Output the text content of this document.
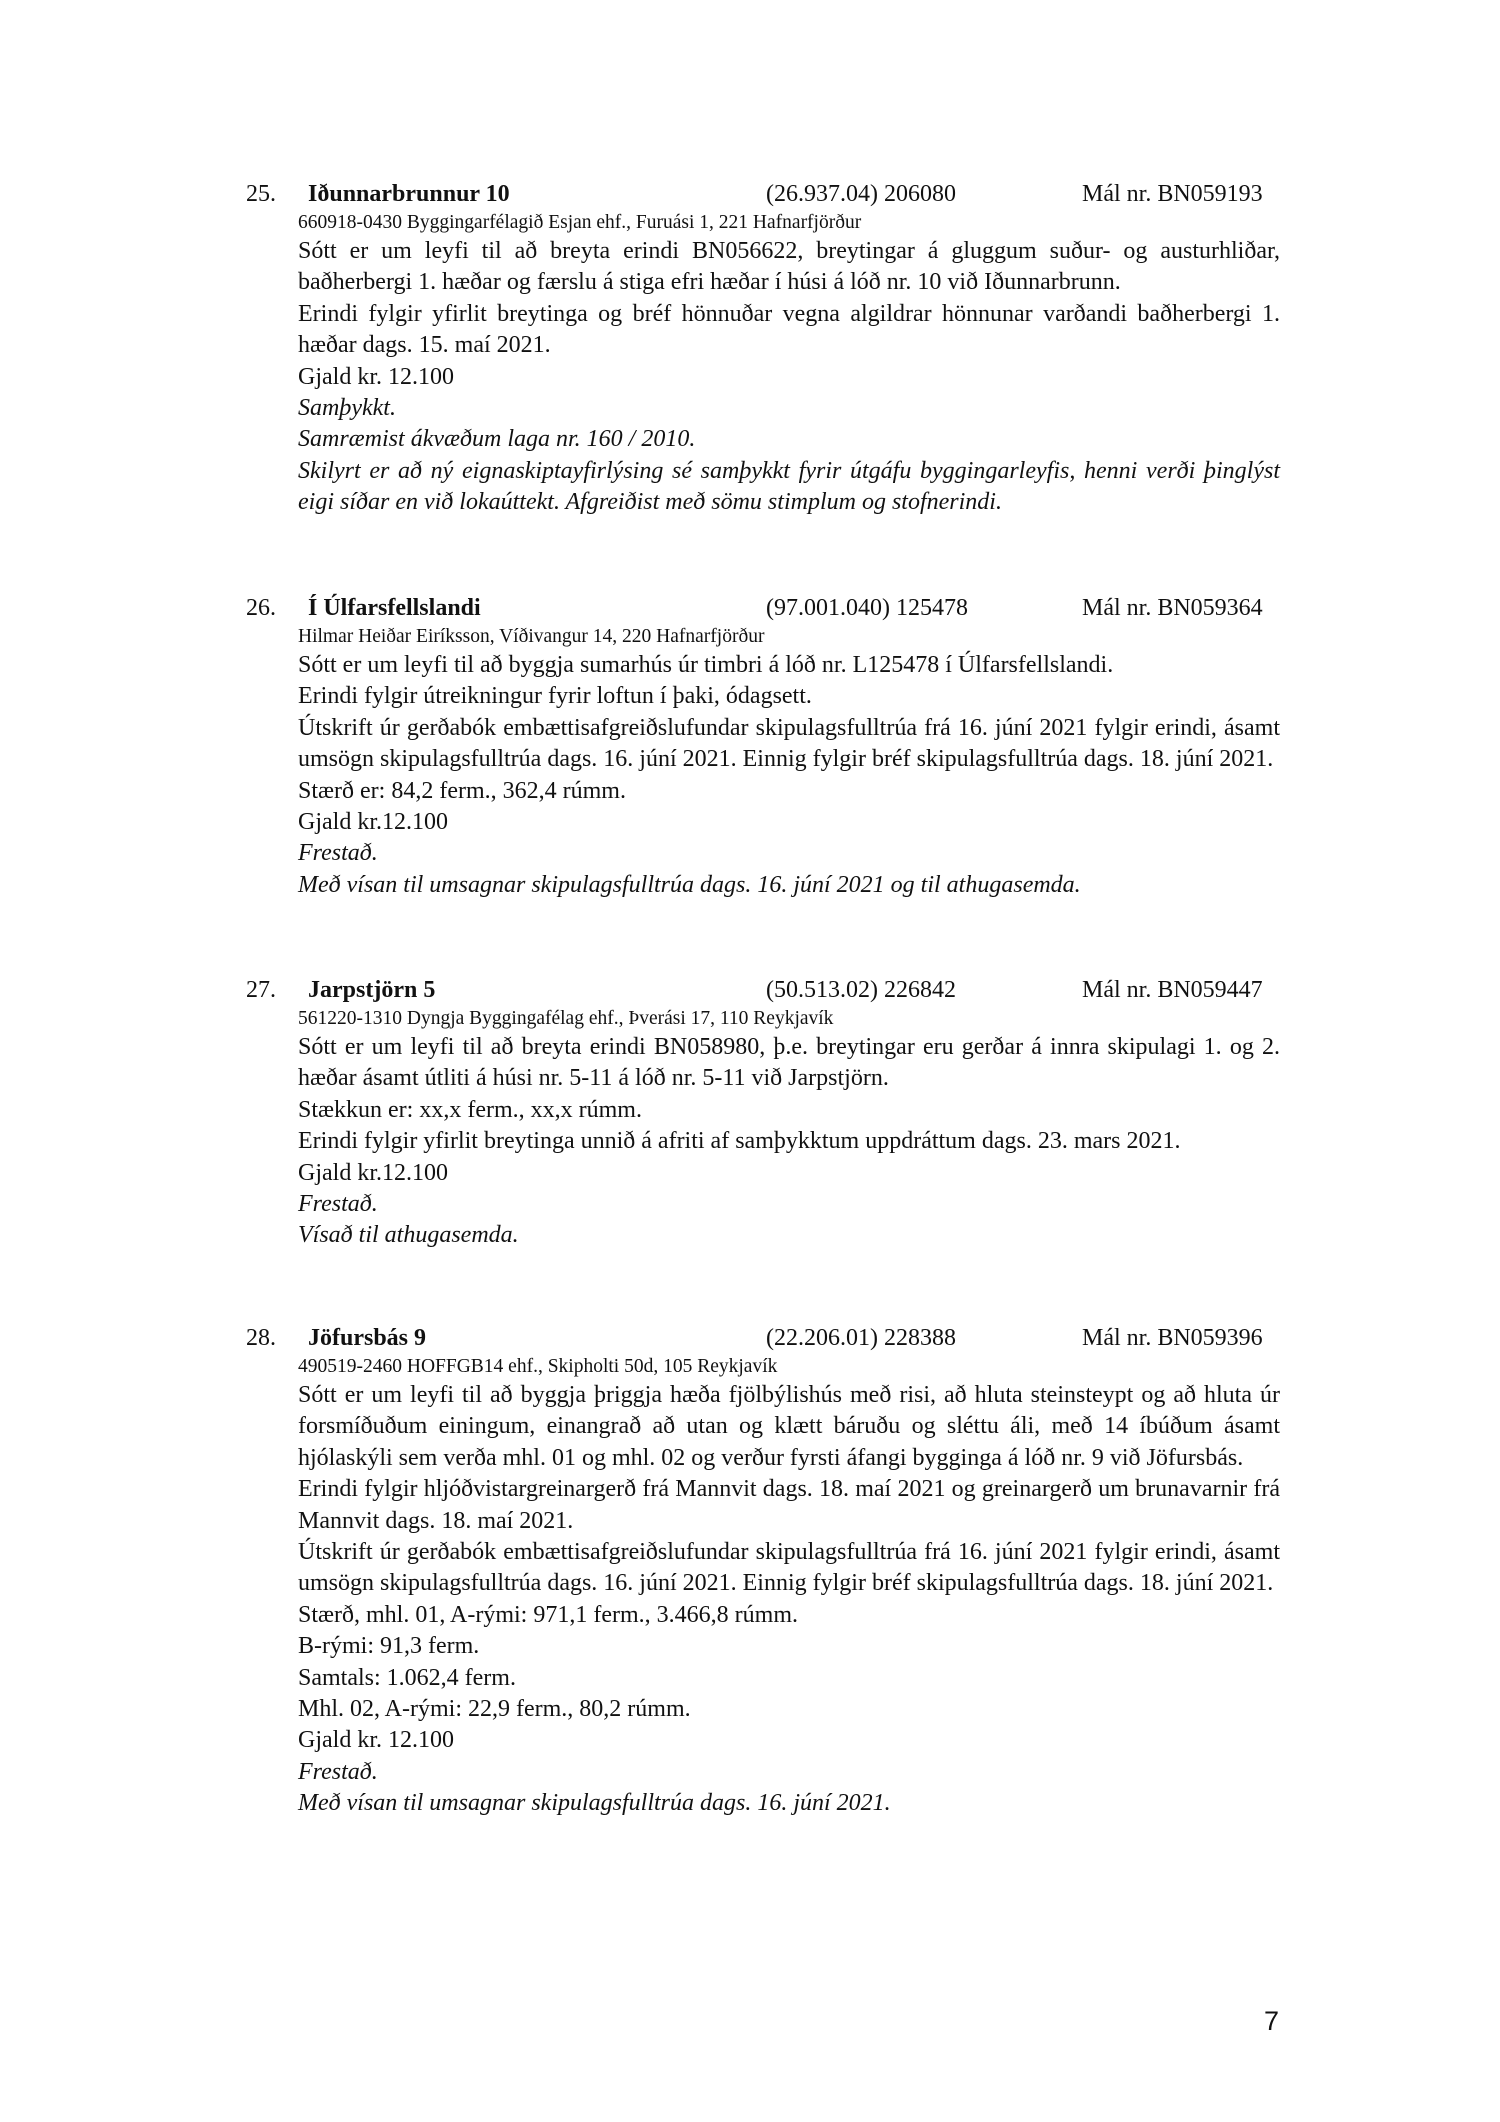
25. Iðunnarbrunnur 10	(26.937.04) 206080	Mál nr. BN059193
660918-0430 Byggingarfélagið Esjan ehf., Furuási 1, 221 Hafnarfjörður

Sótt er um leyfi til að breyta erindi BN056622, breytingar á gluggum suður- og austurhliðar, baðherbergi 1. hæðar og færslu á stiga efri hæðar í húsi á lóð nr. 10 við Iðunnarbrunn.

Erindi fylgir yfirlit breytinga og bréf hönnuðar vegna algildrar hönnunar varðandi baðherbergi 1. hæðar dags. 15. maí 2021.

Gjald kr. 12.100

Samþykkt.

Samræmist ákvæðum laga nr. 160 / 2010.

Skilyrt er að ný eignaskiptayfirlýsing sé samþykkt fyrir útgáfu byggingarleyfis, henni verði þinglýst eigi síðar en við lokaúttekt. Afgreiðist með sömu stimplum og stofnerindi.

26. Í Úlfarsfellslandi	(97.001.040) 125478	Mál nr. BN059364
Hilmar Heiðar Eiríksson, Víðivangur 14, 220 Hafnarfjörður

Sótt er um leyfi til að byggja sumarhús úr timbri á lóð nr. L125478 í Úlfarsfellslandi.

Erindi fylgir útreikningur fyrir loftun í þaki, ódagsett.

Útskrift úr gerðabók embættisafgreiðslufundar skipulagsfulltrúa frá 16. júní 2021 fylgir erindi, ásamt umsögn skipulagsfulltrúa dags. 16. júní 2021. Einnig fylgir bréf skipulagsfulltrúa dags. 18. júní 2021.

Stærð er: 84,2 ferm., 362,4 rúmm.

Gjald kr.12.100

Frestað.

Með vísan til umsagnar skipulagsfulltrúa dags. 16. júní 2021 og til athugasemda.

27. Jarpstjörn 5	(50.513.02) 226842	Mál nr. BN059447
561220-1310 Dyngja Byggingafélag ehf., Þverási 17, 110 Reykjavík

Sótt er um leyfi til að breyta erindi BN058980, þ.e. breytingar eru gerðar á innra skipulagi 1. og 2. hæðar ásamt útliti á húsi nr. 5-11 á lóð nr. 5-11 við Jarpstjörn.

Stækkun er: xx,x ferm., xx,x rúmm.

Erindi fylgir yfirlit breytinga unnið á afriti af samþykktum uppdráttum dags. 23. mars 2021.

Gjald kr.12.100

Frestað.

Vísað til athugasemda.

28. Jöfursbás 9	(22.206.01) 228388	Mál nr. BN059396
490519-2460 HOFFGB14 ehf., Skipholti 50d, 105 Reykjavík

Sótt er um leyfi til að byggja þriggja hæða fjölbýlishús með risi, að hluta steinsteypt og að hluta úr forsmíðuðum einingum, einangrað að utan og klætt báruðu og sléttu áli, með 14 íbúðum ásamt hjólaskýli sem verða mhl. 01 og mhl. 02 og verður fyrsti áfangi bygginga á lóð nr. 9 við Jöfursbás.

Erindi fylgir hljóðvistargreinargerð frá Mannvit dags. 18. maí 2021 og greinargerð um brunavarnir frá Mannvit dags. 18. maí 2021.

Útskrift úr gerðabók embættisafgreiðslufundar skipulagsfulltrúa frá 16. júní 2021 fylgir erindi, ásamt umsögn skipulagsfulltrúa dags. 16. júní 2021. Einnig fylgir bréf skipulagsfulltrúa dags. 18. júní 2021.

Stærð, mhl. 01, A-rými: 971,1 ferm., 3.466,8 rúmm.

B-rými: 91,3 ferm.

Samtals: 1.062,4 ferm.

Mhl. 02, A-rými: 22,9 ferm., 80,2 rúmm.

Gjald kr. 12.100

Frestað.

Með vísan til umsagnar skipulagsfulltrúa dags. 16. júní 2021.

7
